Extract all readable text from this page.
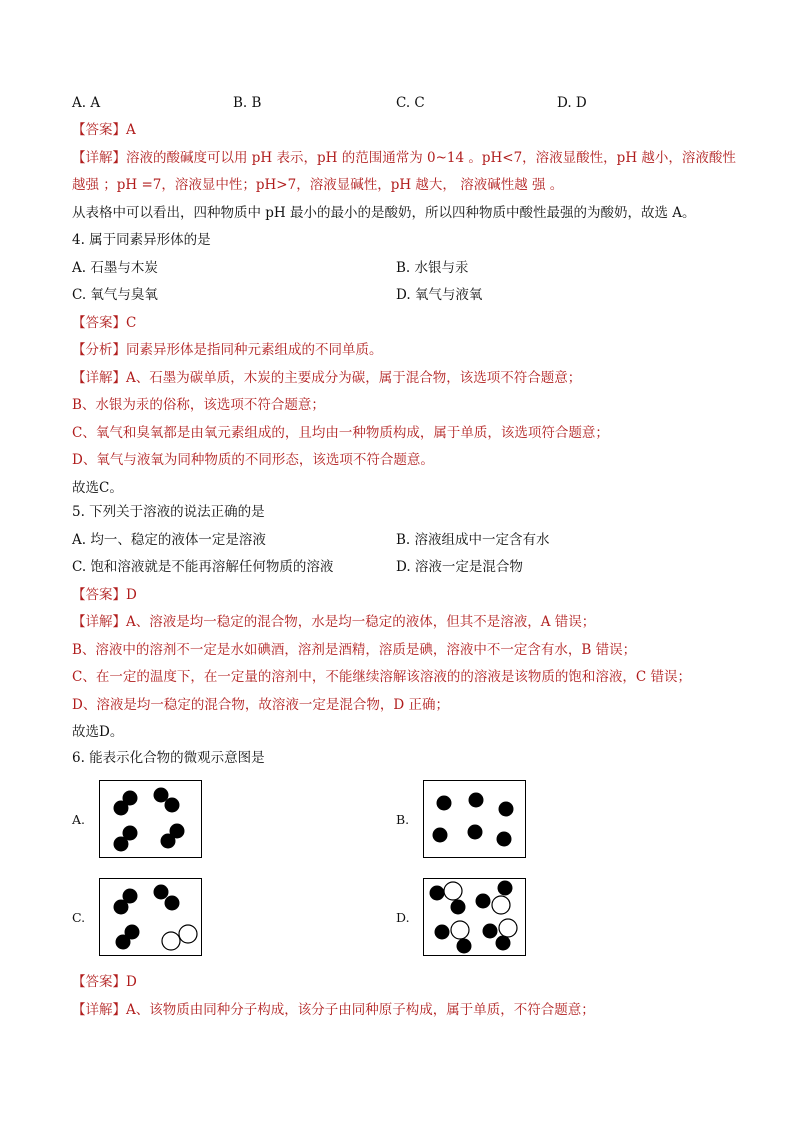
A. A	B. B	C. C	D. D
【答案】A
【详解】溶液的酸碱度可以用 pH 表示，pH 的范围通常为 0~14 。pH<7，溶液显酸性，pH 越小，溶液酸性
越强 ；pH =7，溶液显中性；pH>7，溶液显碱性，pH 越大， 溶液碱性越 强 。
从表格中可以看出，四种物质中 pH 最小的最小的是酸奶，所以四种物质中酸性最强的为酸奶，故选 A。
4. 属于同素异形体的是
A. 石墨与木炭	B. 水银与汞
C. 氧气与臭氧	D. 氧气与液氧
【答案】C
【分析】同素异形体是指同种元素组成的不同单质。
【详解】A、石墨为碳单质，木炭的主要成分为碳，属于混合物，该选项不符合题意；
B、水银为汞的俗称，该选项不符合题意；
C、氧气和臭氧都是由氧元素组成的，且均由一种物质构成，属于单质，该选项符合题意；
D、氧气与液氧为同种物质的不同形态，该选项不符合题意。
故选C。
5. 下列关于溶液的说法正确的是
A. 均一、稳定的液体一定是溶液	B. 溶液组成中一定含有水
C. 饱和溶液就是不能再溶解任何物质的溶液	D. 溶液一定是混合物
【答案】D
【详解】A、溶液是均一稳定的混合物，水是均一稳定的液体，但其不是溶液，A 错误；
B、溶液中的溶剂不一定是水如碘酒，溶剂是酒精，溶质是碘，溶液中不一定含有水，B 错误；
C、在一定的温度下，在一定量的溶剂中，不能继续溶解该溶液的的溶液是该物质的饱和溶液，C 错误；
D、溶液是均一稳定的混合物，故溶液一定是混合物，D 正确；
故选D。
6. 能表示化合物的微观示意图是
A.	B.
C.	D.
【答案】D
【详解】A、该物质由同种分子构成，该分子由同种原子构成，属于单质，不符合题意；
